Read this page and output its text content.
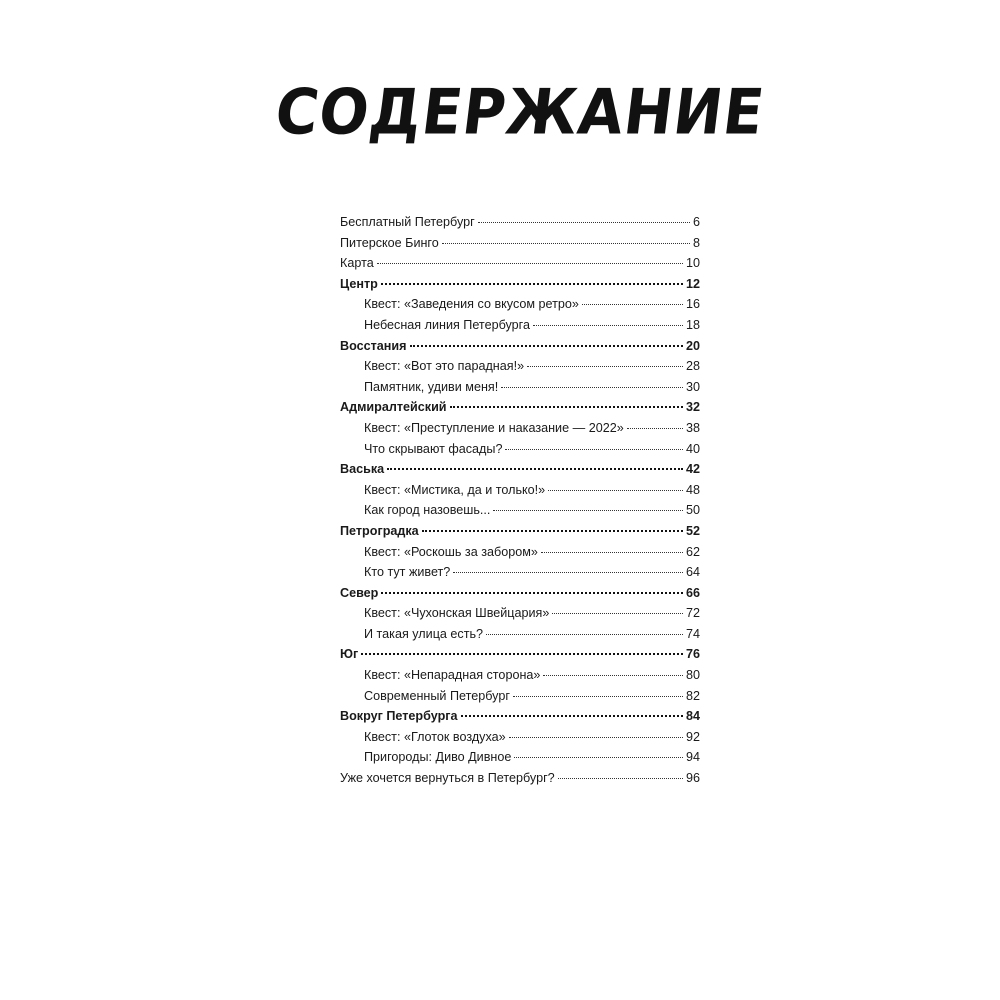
СОДЕРЖАНИЕ
Бесплатный Петербург	6
Питерское Бинго	8
Карта	10
Центр	12
Квест: «Заведения со вкусом ретро»	16
Небесная линия Петербурга	18
Восстания	20
Квест: «Вот это парадная!»	28
Памятник, удиви меня!	30
Адмиралтейский	32
Квест: «Преступление и наказание — 2022»	38
Что скрывают фасады?	40
Васька	42
Квест: «Мистика, да и только!»	48
Как город назовешь...	50
Петроградка	52
Квест: «Роскошь за забором»	62
Кто тут живет?	64
Север	66
Квест: «Чухонская Швейцария»	72
И такая улица есть?	74
Юг	76
Квест: «Непарадная сторона»	80
Современный Петербург	82
Вокруг Петербурга	84
Квест: «Глоток воздуха»	92
Пригороды: Диво Дивное	94
Уже хочется вернуться в Петербург?	96
